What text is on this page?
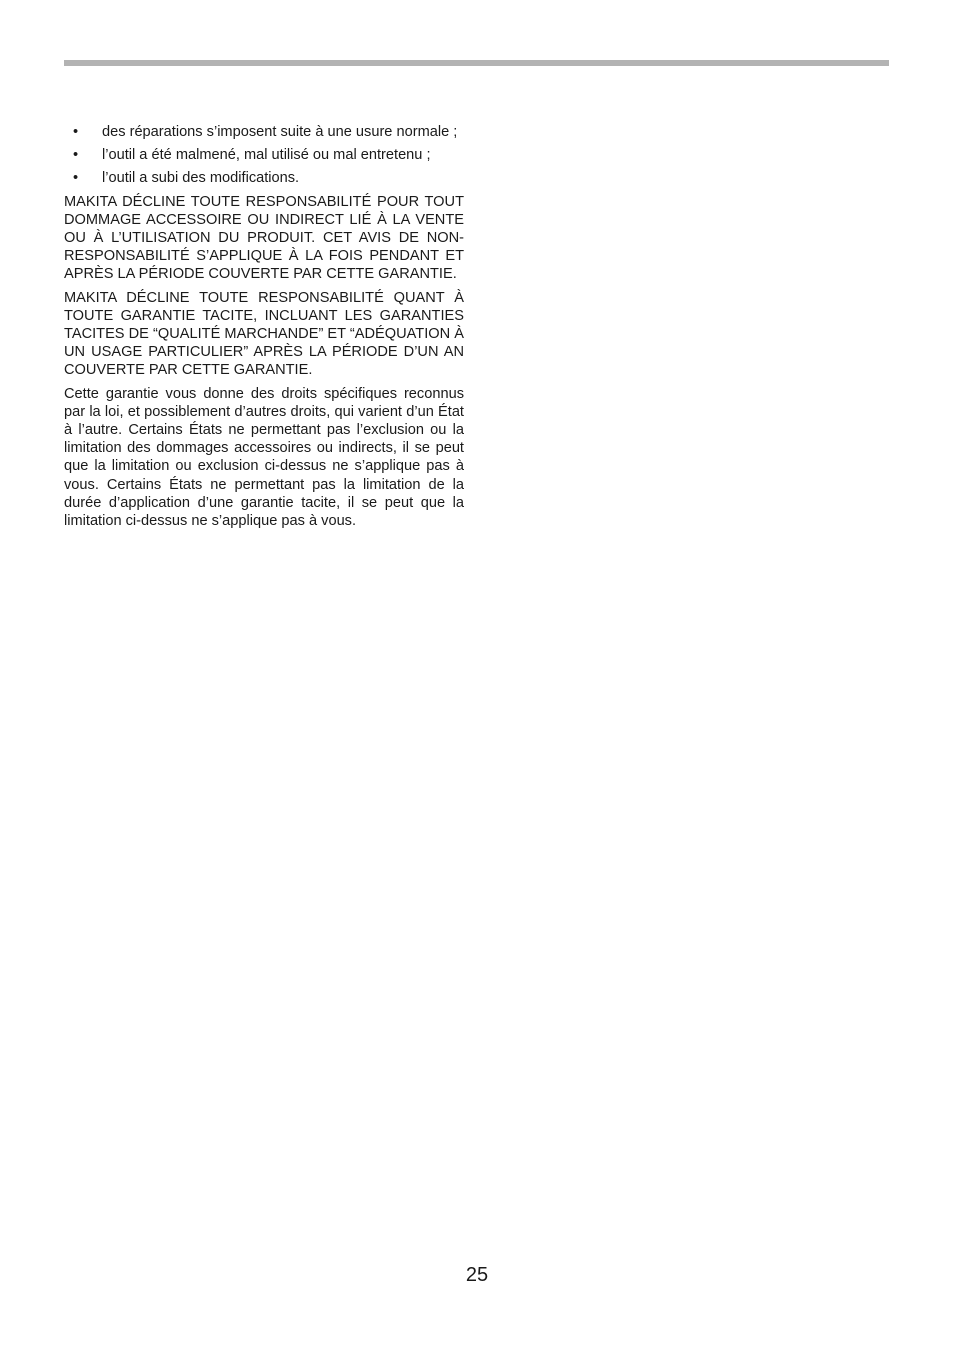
• des réparations s’imposent suite à une usure normale ;
• l’outil a été malmené, mal utilisé ou mal entretenu ;
• l’outil a subi des modifications.

MAKITA DÉCLINE TOUTE RESPONSABILITÉ POUR TOUT DOMMAGE ACCESSOIRE OU INDIRECT LIÉ À LA VENTE OU À L’UTILISATION DU PRODUIT. CET AVIS DE NON-RESPONSABILITÉ S’APPLIQUE À LA FOIS PENDANT ET APRÈS LA PÉRIODE COUVERTE PAR CETTE GARANTIE.

MAKITA DÉCLINE TOUTE RESPONSABILITÉ QUANT À TOUTE GARANTIE TACITE, INCLUANT LES GARANTIES TACITES DE “QUALITÉ MARCHANDE” ET “ADÉQUATION À UN USAGE PARTICULIER” APRÈS LA PÉRIODE D’UN AN COUVERTE PAR CETTE GARANTIE.

Cette garantie vous donne des droits spécifiques reconnus par la loi, et possiblement d’autres droits, qui varient d’un État à l’autre. Certains États ne permettant pas l’exclusion ou la limitation des dommages accessoires ou indirects, il se peut que la limitation ou exclusion ci-dessus ne s’applique pas à vous. Certains États ne permettant pas la limitation de la durée d’application d’une garantie tacite, il se peut que la limitation ci-dessus ne s’applique pas à vous.

25
